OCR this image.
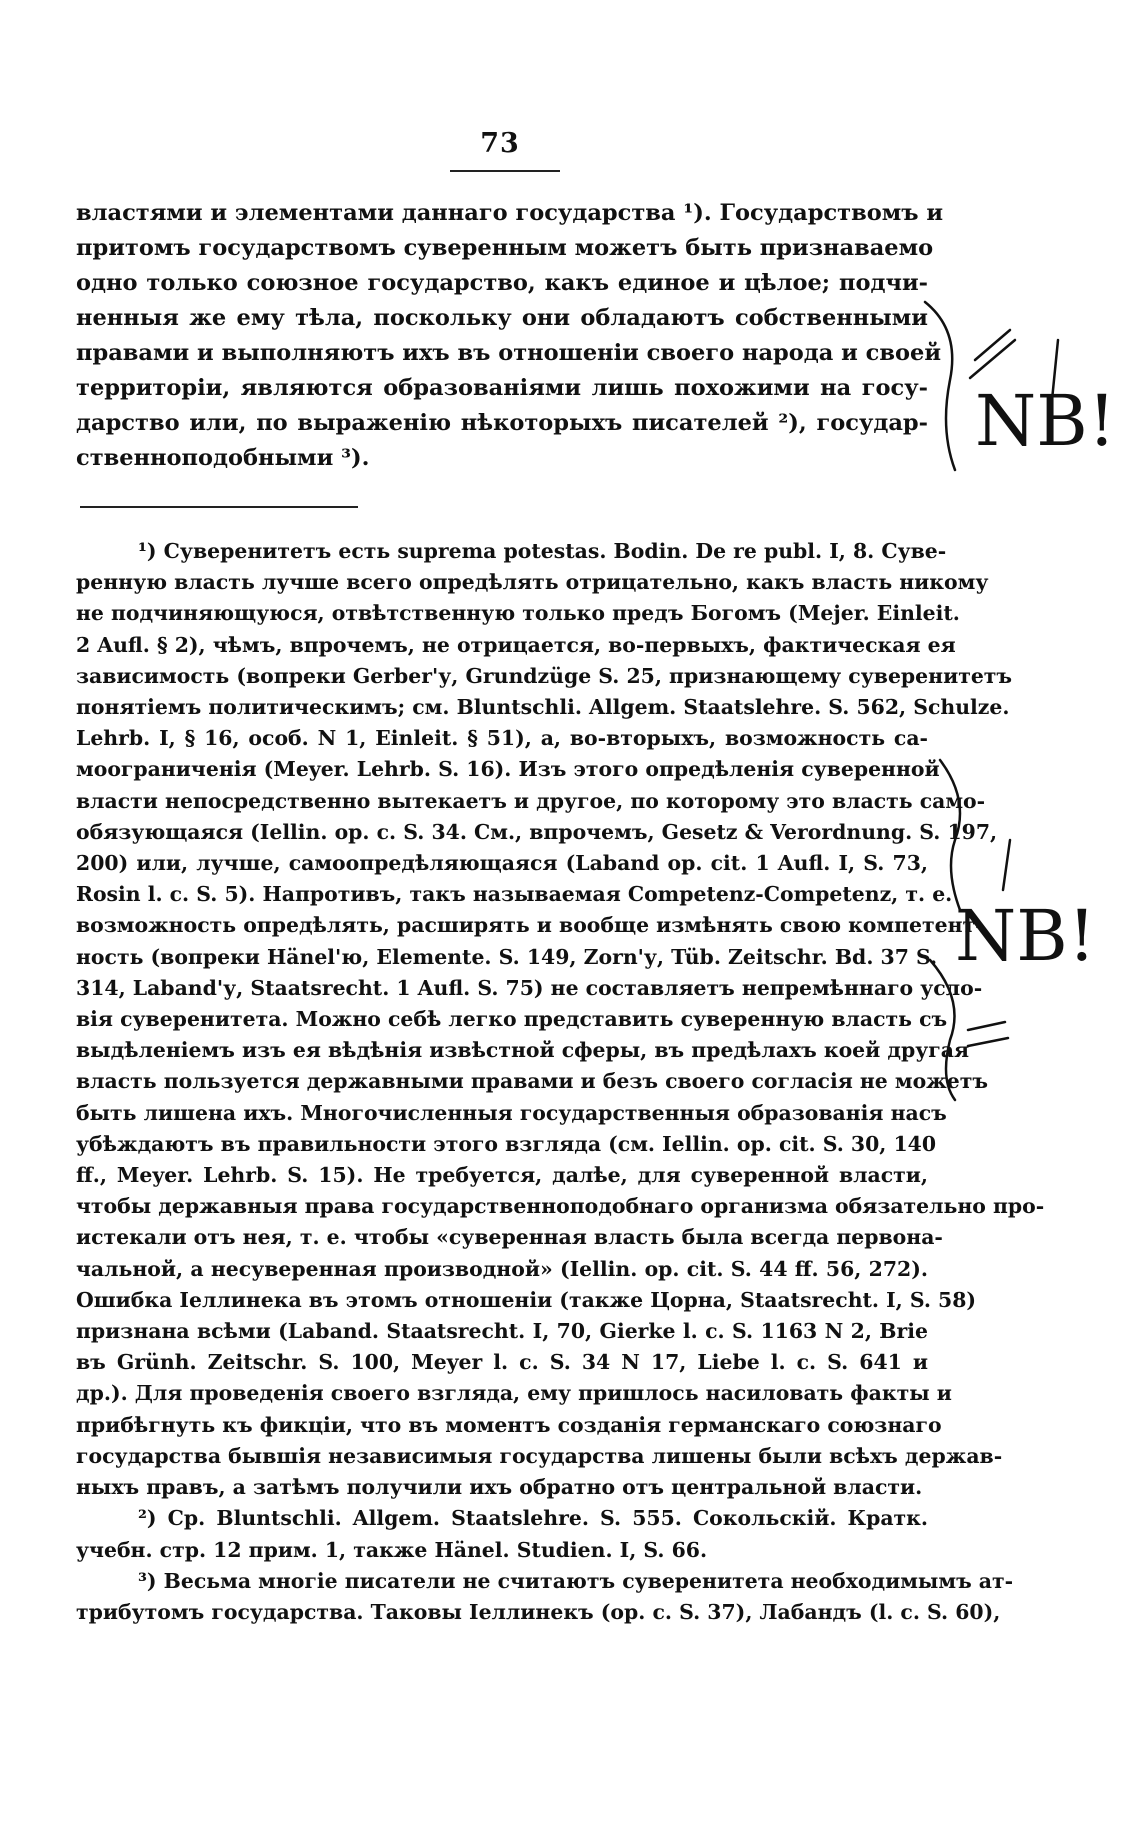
73
властями и элементами даннаго государства ¹). Государствомъ и
притомъ государствомъ суверенным можетъ быть признаваемо
одно только союзное государство, какъ единое и цѣлое; подчи-
ненныя же ему тѣла, поскольку они обладаютъ собственными
правами и выполняютъ ихъ въ отношеніи своего народа и своей
территоріи, являются образованіями лишь похожими на госу-
дарство или, по выраженію нѣкоторыхъ писателей ²), государ-
ственноподобными ³).
¹) Суверенитетъ есть suprema potestas. Bodin. De re publ. I, 8. Суве-
ренную власть лучше всего опредѣлять отрицательно, какъ власть никому
не подчиняющуюся, отвѣтственную только предъ Богомъ (Mejer. Einleit.
2 Aufl. § 2), чѣмъ, впрочемъ, не отрицается, во-первыхъ, фактическая ея
зависимость (вопреки Gerber'у, Grundzüge S. 25, признающему суверенитетъ
понятіемъ политическимъ; см. Bluntschli. Allgem. Staatslehre. S. 562, Schulze.
Lehrb. I, § 16, особ. N 1, Einleit. § 51), а, во-вторыхъ, возможность са-
моограниченія (Meyer. Lehrb. S. 16). Изъ этого опредѣленія суверенной
власти непосредственно вытекаетъ и другое, по которому это власть само-
обязующаяся (Iellin. op. c. S. 34. См., впрочемъ, Gesetz & Verordnung. S. 197,
200) или, лучше, самоопредѣляющаяся (Laband op. cit. 1 Aufl. I, S. 73,
Rosin l. c. S. 5). Напротивъ, такъ называемая Competenz-Competenz, т. е.
возможность опредѣлять, расширять и вообще измѣнять свою компетент-
ность (вопреки Hänel'ю, Elemente. S. 149, Zorn'у, Tüb. Zeitschr. Bd. 37 S.
314, Laband'у, Staatsrecht. 1 Aufl. S. 75) не составляетъ непремѣннаго усло-
вія суверенитета. Можно себѣ легко представить суверенную власть съ
выдѣленіемъ изъ ея вѣдѣнія извѣстной сферы, въ предѣлахъ коей другая
власть пользуется державными правами и безъ своего согласія не можетъ
быть лишена ихъ. Многочисленныя государственныя образованія насъ
убѣждаютъ въ правильности этого взгляда (см. Iellin. op. cit. S. 30, 140
ff., Meyer. Lehrb. S. 15). Не требуется, далѣе, для суверенной власти,
чтобы державныя права государственноподобнаго организма обязательно про-
истекали отъ нея, т. е. чтобы «суверенная власть была всегда первона-
чальной, а несуверенная производной» (Iellin. op. cit. S. 44 ff. 56, 272).
Ошибка Іеллинека въ этомъ отношеніи (также Цорна, Staatsrecht. I, S. 58)
признана всѣми (Laband. Staatsrecht. I, 70, Gierke l. c. S. 1163 N 2, Brie
въ Grünh. Zeitschr. S. 100, Meyer l. c. S. 34 N 17, Liebe l. c. S. 641 и
др.). Для проведенія своего взгляда, ему пришлось насиловать факты и
прибѣгнуть къ фикціи, что въ моментъ созданія германскаго союзнаго
государства бывшія независимыя государства лишены были всѣхъ держав-
ныхъ правъ, а затѣмъ получили ихъ обратно отъ центральной власти.
²) Ср. Bluntschli. Allgem. Staatslehre. S. 555. Сокольскій. Кратк.
учебн. стр. 12 прим. 1, также Hänel. Studien. I, S. 66.
³) Весьма многіе писатели не считаютъ суверенитета необходимымъ ат-
трибутомъ государства. Таковы Іеллинекъ (op. c. S. 37), Лабандъ (l. c. S. 60),
NB!
NB!
